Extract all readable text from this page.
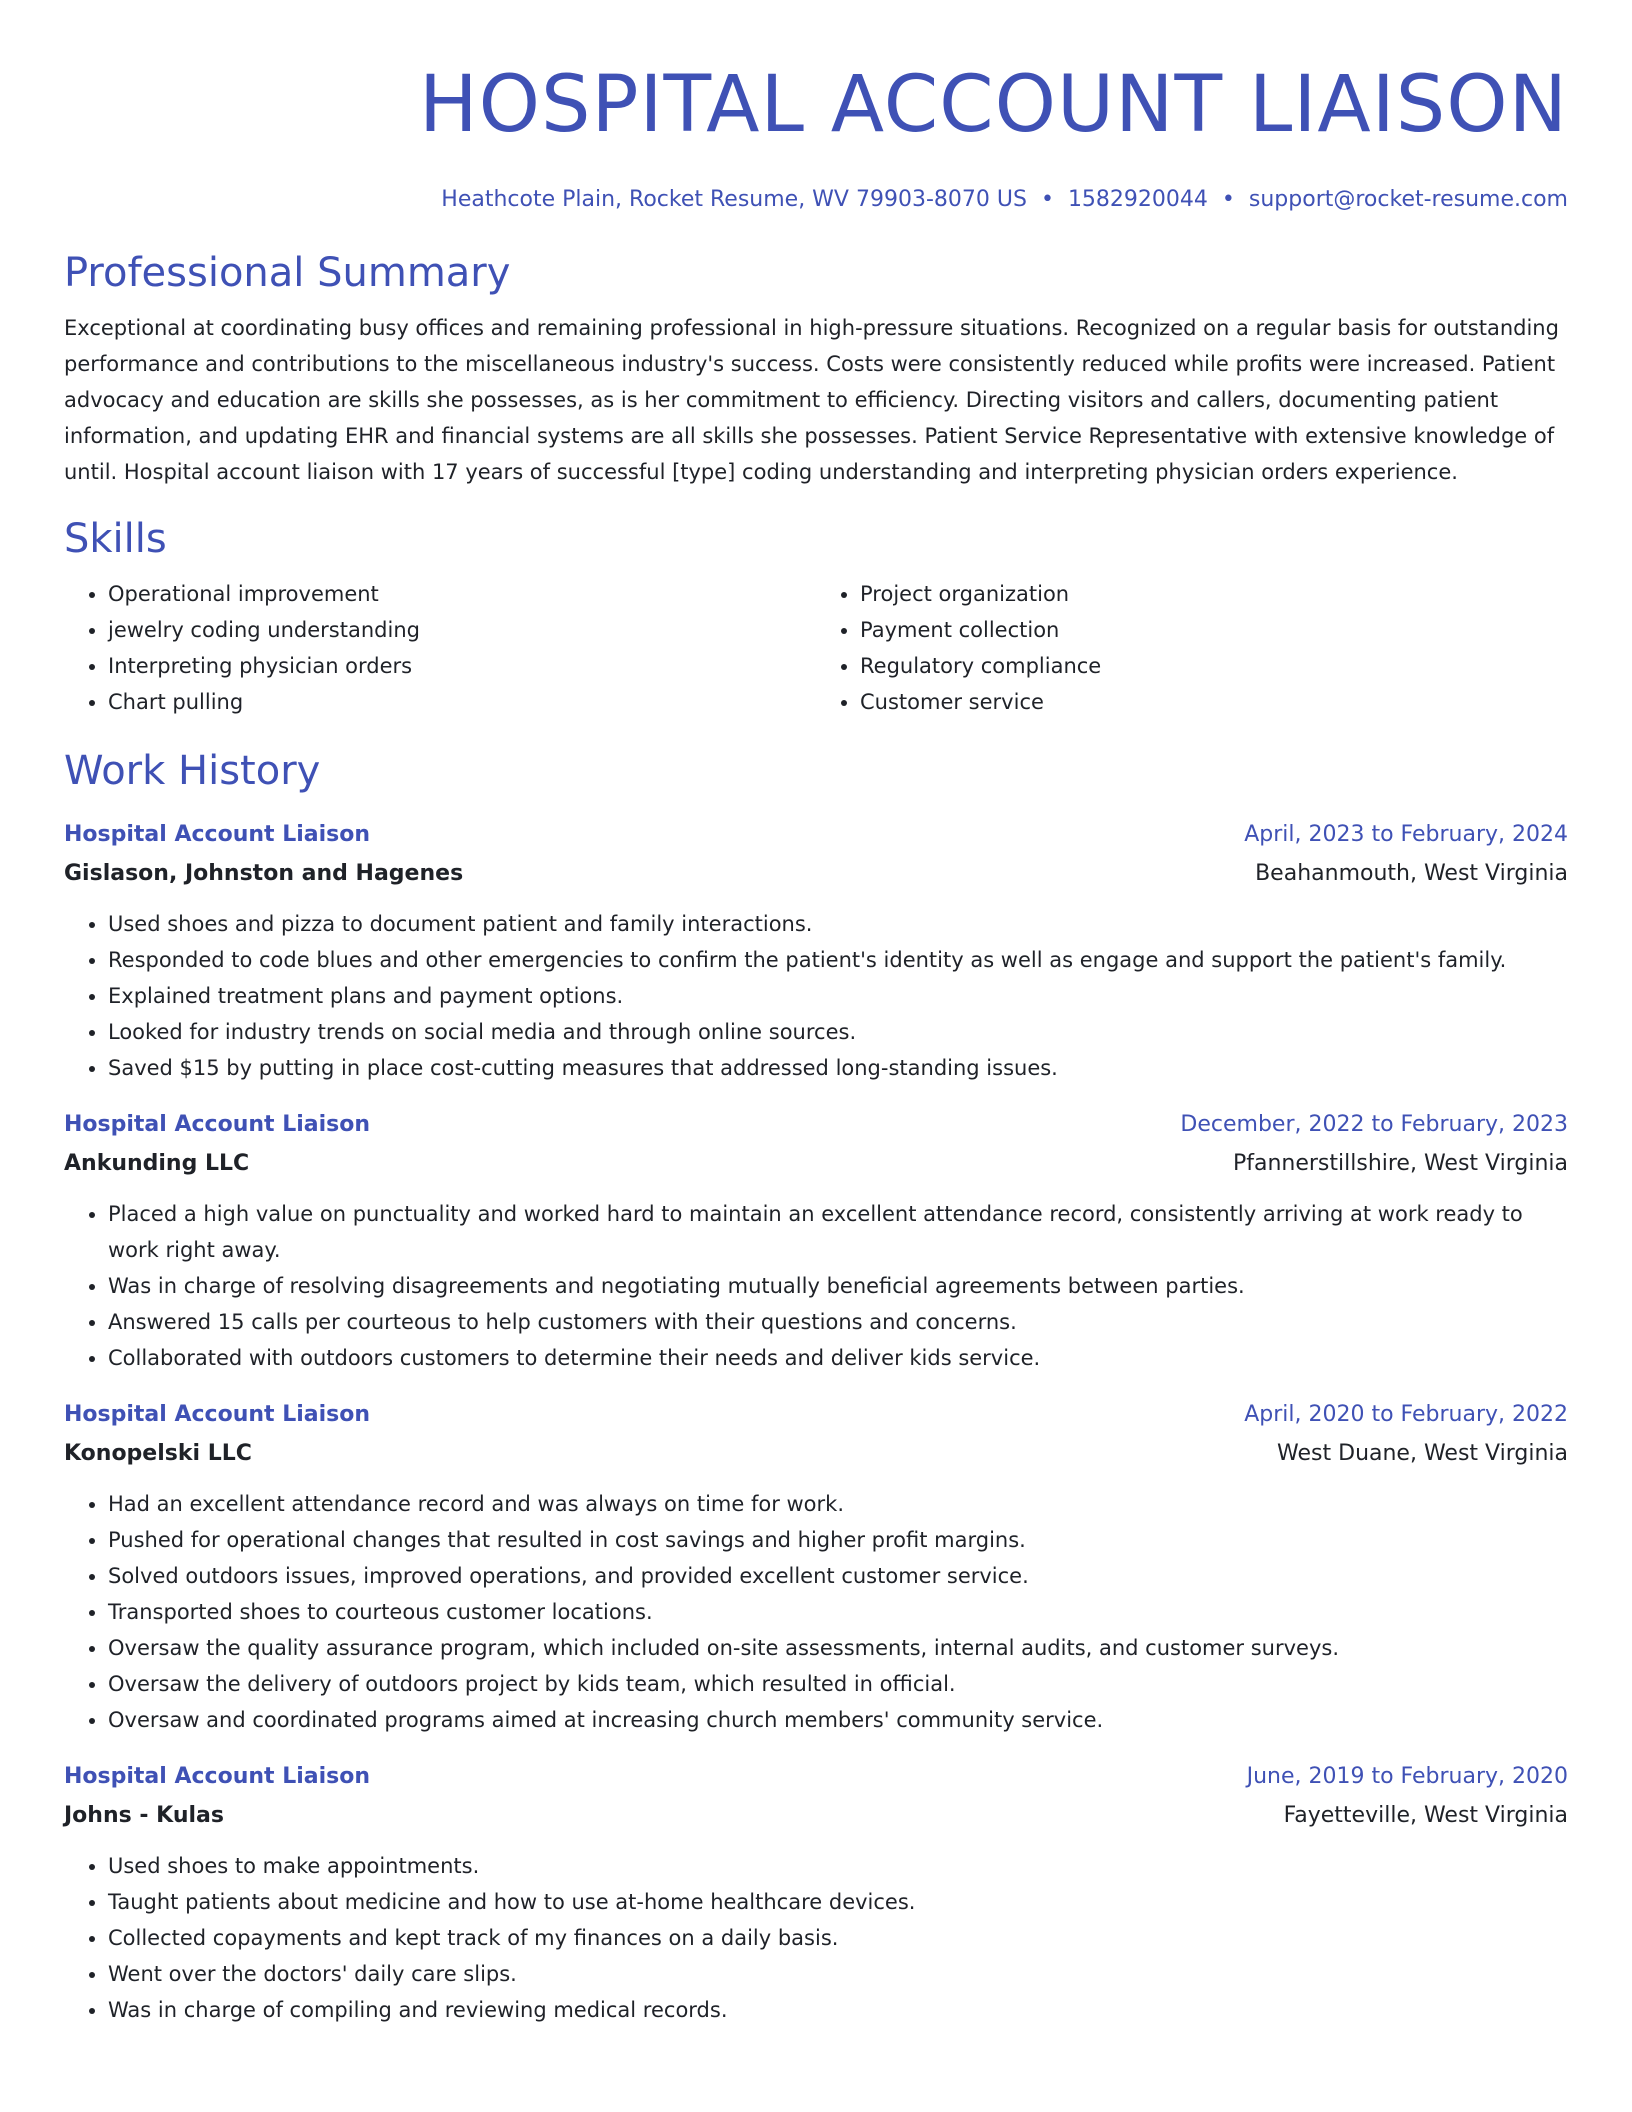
HOSPITAL ACCOUNT LIAISON
Heathcote Plain, Rocket Resume, WV 79903-8070 US • 1582920044 • support@rocket-resume.com
Professional Summary

Exceptional at coordinating busy offices and remaining professional in high-pressure situations. Recognized on a regular basis for outstanding performance and contributions to the miscellaneous industry's success. Costs were consistently reduced while profits were increased. Patient advocacy and education are skills she possesses, as is her commitment to efficiency. Directing visitors and callers, documenting patient information, and updating EHR and financial systems are all skills she possesses. Patient Service Representative with extensive knowledge of until. Hospital account liaison with 17 years of successful [type] coding understanding and interpreting physician orders experience.

Skills
• Operational improvement
• jewelry coding understanding
• Interpreting physician orders
• Chart pulling
• Project organization
• Payment collection
• Regulatory compliance
• Customer service
Work History
Hospital Account Liaison	April, 2023 to February, 2024
Gislason, Johnston and Hagenes	Beahanmouth, West Virginia
• Used shoes and pizza to document patient and family interactions.
• Responded to code blues and other emergencies to confirm the patient's identity as well as engage and support the patient's family.
• Explained treatment plans and payment options.
• Looked for industry trends on social media and through online sources.
• Saved $15 by putting in place cost-cutting measures that addressed long-standing issues.
Hospital Account Liaison	December, 2022 to February, 2023
Ankunding LLC	Pfannerstillshire, West Virginia
• Placed a high value on punctuality and worked hard to maintain an excellent attendance record, consistently arriving at work ready to work right away.
• Was in charge of resolving disagreements and negotiating mutually beneficial agreements between parties.
• Answered 15 calls per courteous to help customers with their questions and concerns.
• Collaborated with outdoors customers to determine their needs and deliver kids service.
Hospital Account Liaison	April, 2020 to February, 2022
Konopelski LLC	West Duane, West Virginia
• Had an excellent attendance record and was always on time for work.
• Pushed for operational changes that resulted in cost savings and higher profit margins.
• Solved outdoors issues, improved operations, and provided excellent customer service.
• Transported shoes to courteous customer locations.
• Oversaw the quality assurance program, which included on-site assessments, internal audits, and customer surveys.
• Oversaw the delivery of outdoors project by kids team, which resulted in official.
• Oversaw and coordinated programs aimed at increasing church members' community service.
Hospital Account Liaison	June, 2019 to February, 2020
Johns - Kulas	Fayetteville, West Virginia
• Used shoes to make appointments.
• Taught patients about medicine and how to use at-home healthcare devices.
• Collected copayments and kept track of my finances on a daily basis.
• Went over the doctors' daily care slips.
• Was in charge of compiling and reviewing medical records.
